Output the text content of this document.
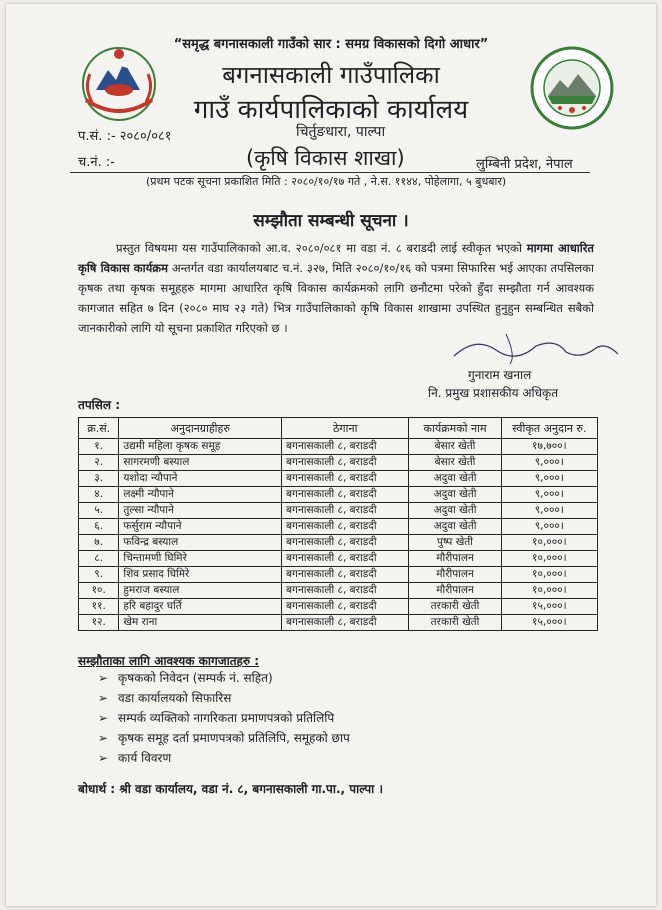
“समृद्ध बगनासकाली गाउँको सार : समग्र विकासको दिगो आधार”
बगनासकाली गाउँपालिका
गाउँ कार्यपालिकाको कार्यालय
प.सं. :- २०८०/०८१
च.नं. :-
चिर्तुङधारा, पाल्पा
(कृषि विकास शाखा)	लुम्बिनी प्रदेश, नेपाल
(प्रथम पटक सूचना प्रकाशित मिति : २०८०/१०/१७ गते , ने.स. ११४४, पोहेलागा, ५ बुधबार)
सम्झौता सम्बन्धी सूचना ।
प्रस्तुत विषयमा यस गाउँपालिकाको आ.व. २०८०/०८१ मा वडा नं. ८ बराडदी लाई स्वीकृत भएको मागमा आधारित कृषि विकास कार्यक्रम अन्तर्गत वडा कार्यालयबाट च.नं. ३२७, मिति २०८०/१०/१६ को पत्रमा सिफारिस भई आएका तपसिलका कृषक तथा कृषक समूहहरु मागमा आधारित कृषि विकास कार्यक्रमको लागि छनौटमा परेको हुँदा सम्झौता गर्न आवश्यक कागजात सहित ७ दिन (२०८० माघ २३ गते) भित्र गाउँपालिकाको कृषि विकास शाखामा उपस्थित हुनुहुन सम्बन्धित सबैको जानकारीको लागि यो सूचना प्रकाशित गरिएको छ ।
गुनाराम खनाल
नि. प्रमुख प्रशासकीय अधिकृत
तपसिल :
क्र.सं.	अनुदानग्राहीहरु	ठेगाना	कार्यक्रमको नाम	स्वीकृत अनुदान रु.
१.	उद्यमी महिला कृषक समूह	बगनासकाली ८, बराडदी	बेसार खेती	१७,७००।
२.	सागरमणी बस्याल	बगनासकाली ८, बराडदी	बेसार खेती	९,०००।
३.	यशोदा न्यौपाने	बगनासकाली ८, बराडदी	अदुवा खेती	९,०००।
४.	लक्ष्मी न्यौपाने	बगनासकाली ८, बराडदी	अदुवा खेती	९,०००।
५.	तुल्सा न्यौपाने	बगनासकाली ८, बराडदी	अदुवा खेती	९,०००।
६.	फर्सुराम न्यौपाने	बगनासकाली ८, बराडदी	अदुवा खेती	९,०००।
७.	फविन्द्र बस्याल	बगनासकाली ८, बराडदी	पुष्प खेती	१०,०००।
८.	चिन्तामणी घिमिरे	बगनासकाली ८, बराडदी	मौरीपालन	१०,०००।
९.	शिव प्रसाद घिमिरे	बगनासकाली ८, बराडदी	मौरीपालन	१०,०००।
१०.	हुमराज बस्याल	बगनासकाली ८, बराडदी	मौरीपालन	१०,०००।
११.	हरि बहादुर घर्ति	बगनासकाली ८, बराडदी	तरकारी खेती	१५,०००।
१२.	खेम राना	बगनासकाली ८, बराडदी	तरकारी खेती	१५,०००।
सम्झौताका लागि आवश्यक कागजातहरु :
➢ कृषकको निवेदन (सम्पर्क नं. सहित)
➢ वडा कार्यालयको सिफारिस
➢ सम्पर्क व्यक्तिको नागरिकता प्रमाणपत्रको प्रतिलिपि
➢ कृषक समूह दर्ता प्रमाणपत्रको प्रतिलिपि, समूहको छाप
➢ कार्य विवरण
बोधार्थ : श्री वडा कार्यालय, वडा नं. ८, बगनासकाली गा.पा., पाल्पा ।
